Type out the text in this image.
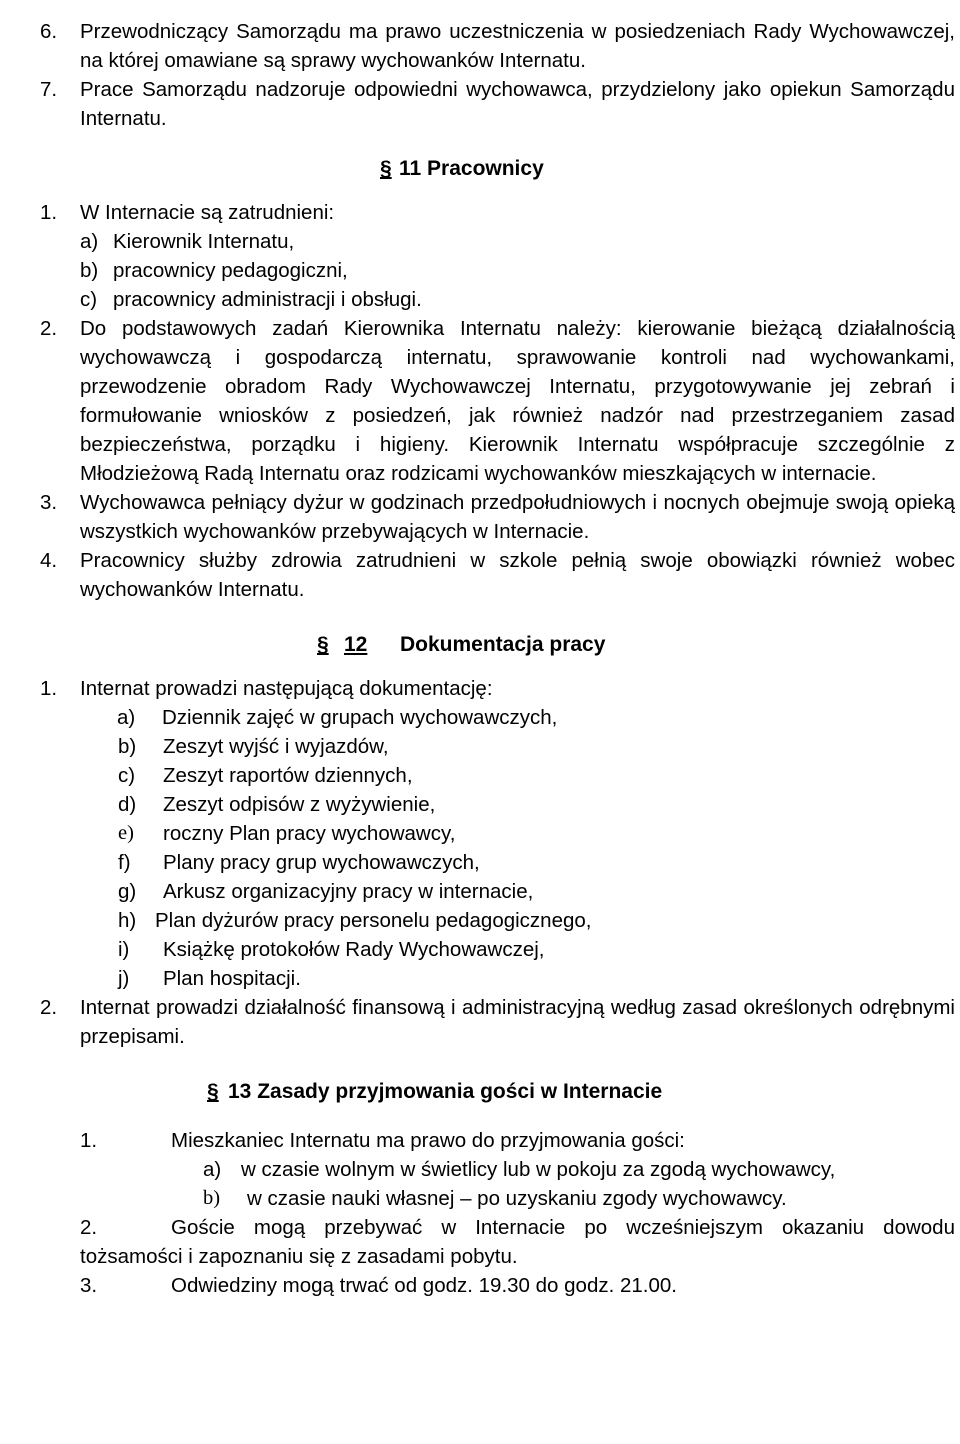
6. Przewodniczący Samorządu ma prawo uczestniczenia w posiedzeniach Rady Wychowawczej, na której omawiane są sprawy wychowanków Internatu.
7. Prace Samorządu nadzoruje odpowiedni wychowawca, przydzielony jako opiekun Samorządu Internatu.
§ 11 Pracownicy
1. W Internacie są zatrudnieni:

a) Kierownik Internatu,
b) pracownicy pedagogiczni,
c) pracownicy administracji i obsługi.
2. Do podstawowych zadań Kierownika Internatu należy: kierowanie bieżącą działalnością wychowawczą i gospodarczą internatu, sprawowanie kontroli nad wychowankami, przewodzenie obradom Rady Wychowawczej Internatu, przygotowywanie jej zebrań i formułowanie wniosków z posiedzeń, jak również nadzór nad przestrzeganiem zasad bezpieczeństwa, porządku i higieny. Kierownik Internatu współpracuje szczególnie z Młodzieżową Radą Internatu oraz rodzicami wychowanków mieszkających w internacie.
3. Wychowawca pełniący dyżur w godzinach przedpołudniowych i nocnych obejmuje swoją opieką wszystkich wychowanków przebywających w Internacie.
4. Pracownicy służby zdrowia zatrudnieni w szkole pełnią swoje obowiązki również wobec wychowanków Internatu.
§ 12 Dokumentacja pracy
1. Internat prowadzi następującą dokumentację:

a) Dziennik zajęć w grupach wychowawczych,
b) Zeszyt wyjść i wyjazdów,
c) Zeszyt raportów dziennych,
d) Zeszyt odpisów z wyżywienie,
e) roczny Plan pracy wychowawcy,
f) Plany pracy grup wychowawczych,
g) Arkusz organizacyjny pracy w internacie,
h) Plan dyżurów pracy personelu pedagogicznego,
i) Książkę protokołów Rady Wychowawczej,
j) Plan hospitacji.
2. Internat prowadzi działalność finansową i administracyjną według zasad określonych odrębnymi przepisami.
§ 13 Zasady przyjmowania gości w Internacie
1.	Mieszkaniec Internatu ma prawo do przyjmowania gości:

a) w czasie wolnym w świetlicy lub w pokoju za zgodą wychowawcy,
b) w czasie nauki własnej – po uzyskaniu zgody wychowawcy.
2.	Goście mogą przebywać w Internacie po wcześniejszym okazaniu dowodu tożsamości i zapoznaniu się z zasadami pobytu.
3.	Odwiedziny mogą trwać od godz. 19.30 do godz. 21.00.
